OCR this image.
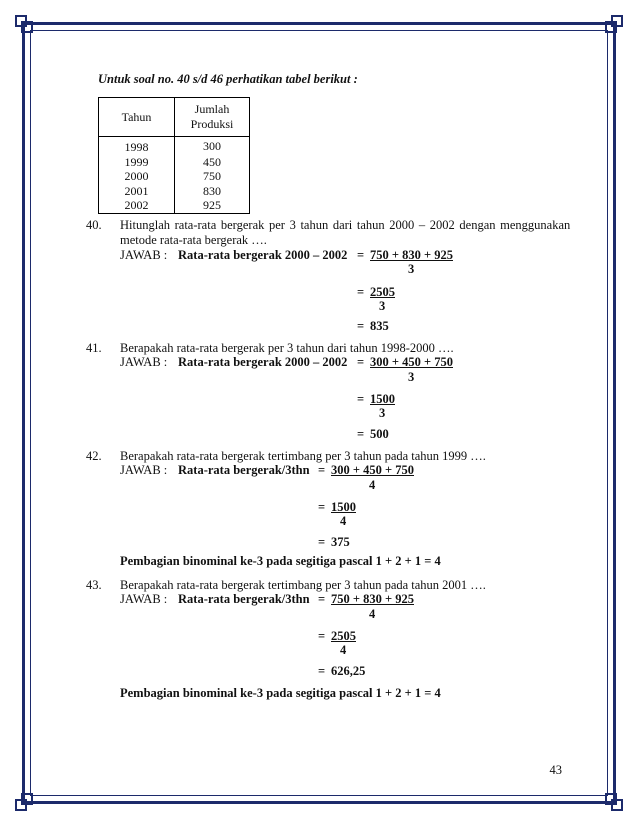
Untuk soal no. 40 s/d 46 perhatikan tabel berikut :
Tahun	Jumlah
Produksi
1998	300
1999	450
2000	750
2001	830
2002	925
40. Hitunglah rata-rata bergerak per 3 tahun dari tahun 2000 – 2002 dengan menggunakan
metode rata-rata bergerak ….
JAWAB : Rata-rata bergerak 2000 – 2002 = 750 + 830 + 925
3
= 2505
3
= 835
41. Berapakah rata-rata bergerak per 3 tahun dari tahun 1998-2000 ….
JAWAB : Rata-rata bergerak 2000 – 2002 = 300 + 450 + 750
3
= 1500
3
= 500
42. Berapakah rata-rata bergerak tertimbang per 3 tahun pada tahun 1999 ….
JAWAB : Rata-rata bergerak/3thn = 300 + 450 + 750
4
= 1500
4
= 375
Pembagian binominal ke-3 pada segitiga pascal 1 + 2 + 1 = 4
43. Berapakah rata-rata bergerak tertimbang per 3 tahun pada tahun 2001 ….
JAWAB : Rata-rata bergerak/3thn = 750 + 830 + 925
4
= 2505
4
= 626,25
Pembagian binominal ke-3 pada segitiga pascal 1 + 2 + 1 = 4
43
